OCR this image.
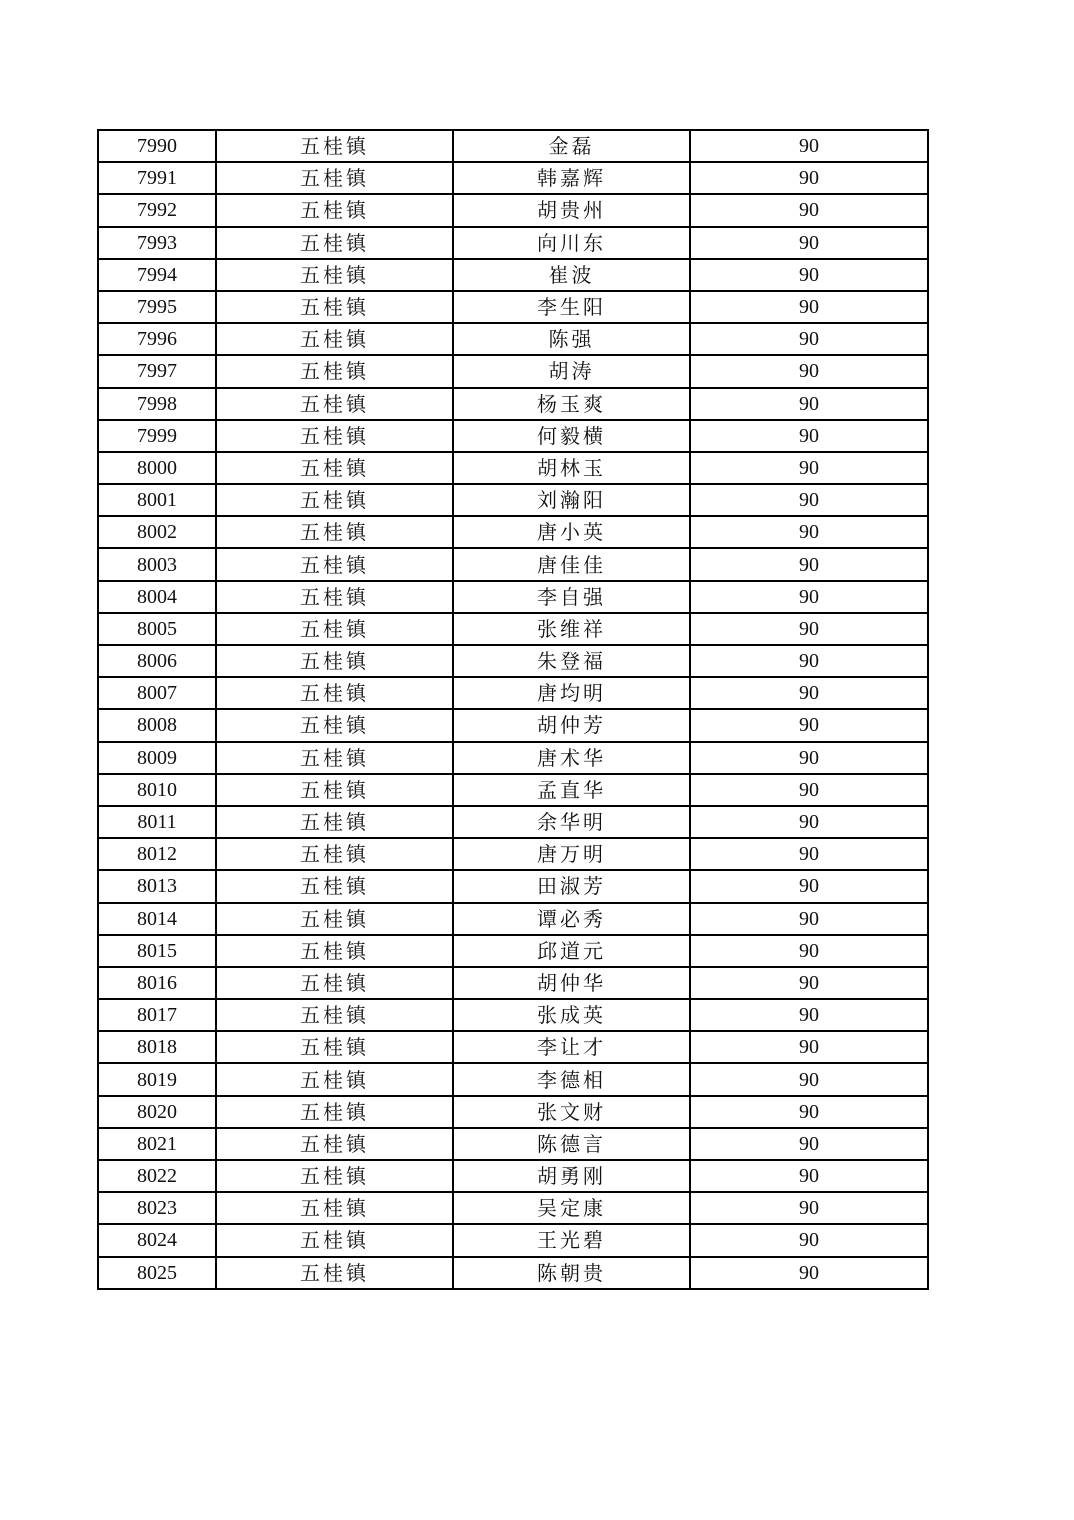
7990	五桂镇	金磊	90
7991	五桂镇	韩嘉辉	90
7992	五桂镇	胡贵州	90
7993	五桂镇	向川东	90
7994	五桂镇	崔波	90
7995	五桂镇	李生阳	90
7996	五桂镇	陈强	90
7997	五桂镇	胡涛	90
7998	五桂镇	杨玉爽	90
7999	五桂镇	何毅横	90
8000	五桂镇	胡林玉	90
8001	五桂镇	刘瀚阳	90
8002	五桂镇	唐小英	90
8003	五桂镇	唐佳佳	90
8004	五桂镇	李自强	90
8005	五桂镇	张维祥	90
8006	五桂镇	朱登福	90
8007	五桂镇	唐均明	90
8008	五桂镇	胡仲芳	90
8009	五桂镇	唐术华	90
8010	五桂镇	孟直华	90
8011	五桂镇	余华明	90
8012	五桂镇	唐万明	90
8013	五桂镇	田淑芳	90
8014	五桂镇	谭必秀	90
8015	五桂镇	邱道元	90
8016	五桂镇	胡仲华	90
8017	五桂镇	张成英	90
8018	五桂镇	李让才	90
8019	五桂镇	李德相	90
8020	五桂镇	张文财	90
8021	五桂镇	陈德言	90
8022	五桂镇	胡勇刚	90
8023	五桂镇	吴定康	90
8024	五桂镇	王光碧	90
8025	五桂镇	陈朝贵	90
